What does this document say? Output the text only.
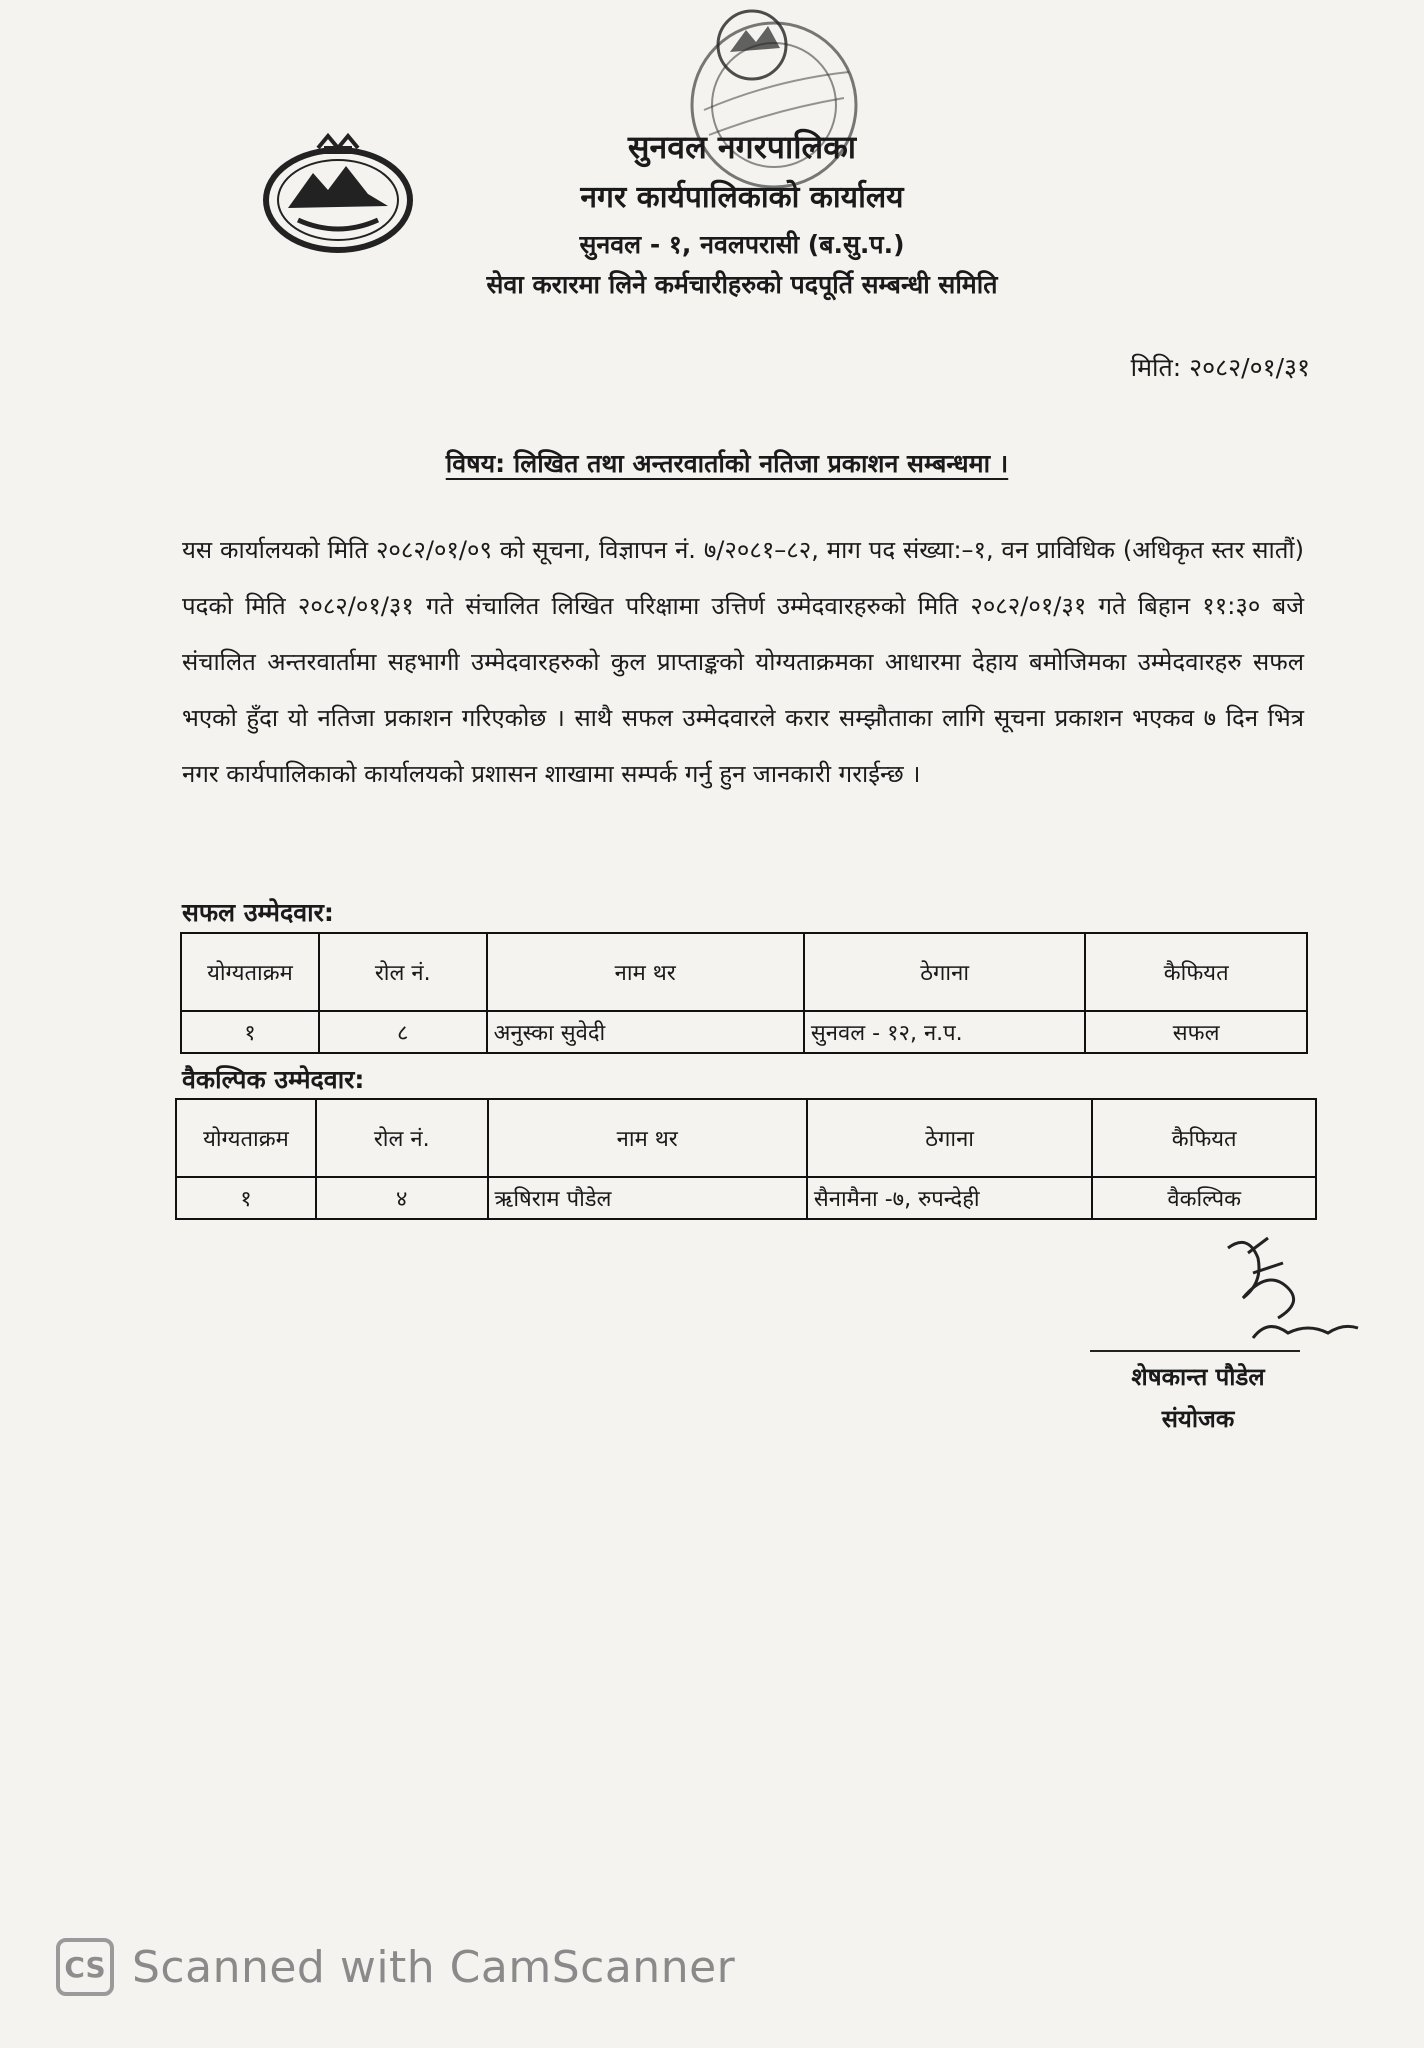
सुनवल नगरपालिका
नगर कार्यपालिकाको कार्यालय
सुनवल - १, नवलपरासी (ब.सु.प.)
सेवा करारमा लिने कर्मचारीहरुको पदपूर्ति सम्बन्धी समिति
मिति: २०८२/०१/३१
विषय: लिखित तथा अन्तरवार्ताको नतिजा प्रकाशन सम्बन्धमा ।
यस कार्यालयको मिति २०८२/०१/०९ को सूचना, विज्ञापन नं. ७/२०८१–८२, माग पद संख्या:–१, वन प्राविधिक (अधिकृत स्तर सातौं) पदको मिति २०८२/०१/३१ गते संचालित लिखित परिक्षामा उत्तिर्ण उम्मेदवारहरुको मिति २०८२/०१/३१ गते बिहान ११:३० बजे संचालित अन्तरवार्तामा सहभागी उम्मेदवारहरुको कुल प्राप्ताङ्कको योग्यताक्रमका आधारमा देहाय बमोजिमका उम्मेदवारहरु सफल भएको हुँदा यो नतिजा प्रकाशन गरिएकोछ । साथै सफल उम्मेदवारले करार सम्झौताका लागि सूचना प्रकाशन भएकव ७ दिन भित्र नगर कार्यपालिकाको कार्यालयको प्रशासन शाखामा सम्पर्क गर्नु हुन जानकारी गराईन्छ ।
सफल उम्मेदवार:
योग्यताक्रम	रोल नं.	नाम थर	ठेगाना	कैफियत
१	८	अनुस्का सुवेदी	सुनवल - १२, न.प.	सफल
वैकल्पिक उम्मेदवार:
योग्यताक्रम	रोल नं.	नाम थर	ठेगाना	कैफियत
१	४	ऋषिराम पौडेल	सैनामैना -७, रुपन्देही	वैकल्पिक
शेषकान्त पौडेल
संयोजक
CS Scanned with CamScanner
